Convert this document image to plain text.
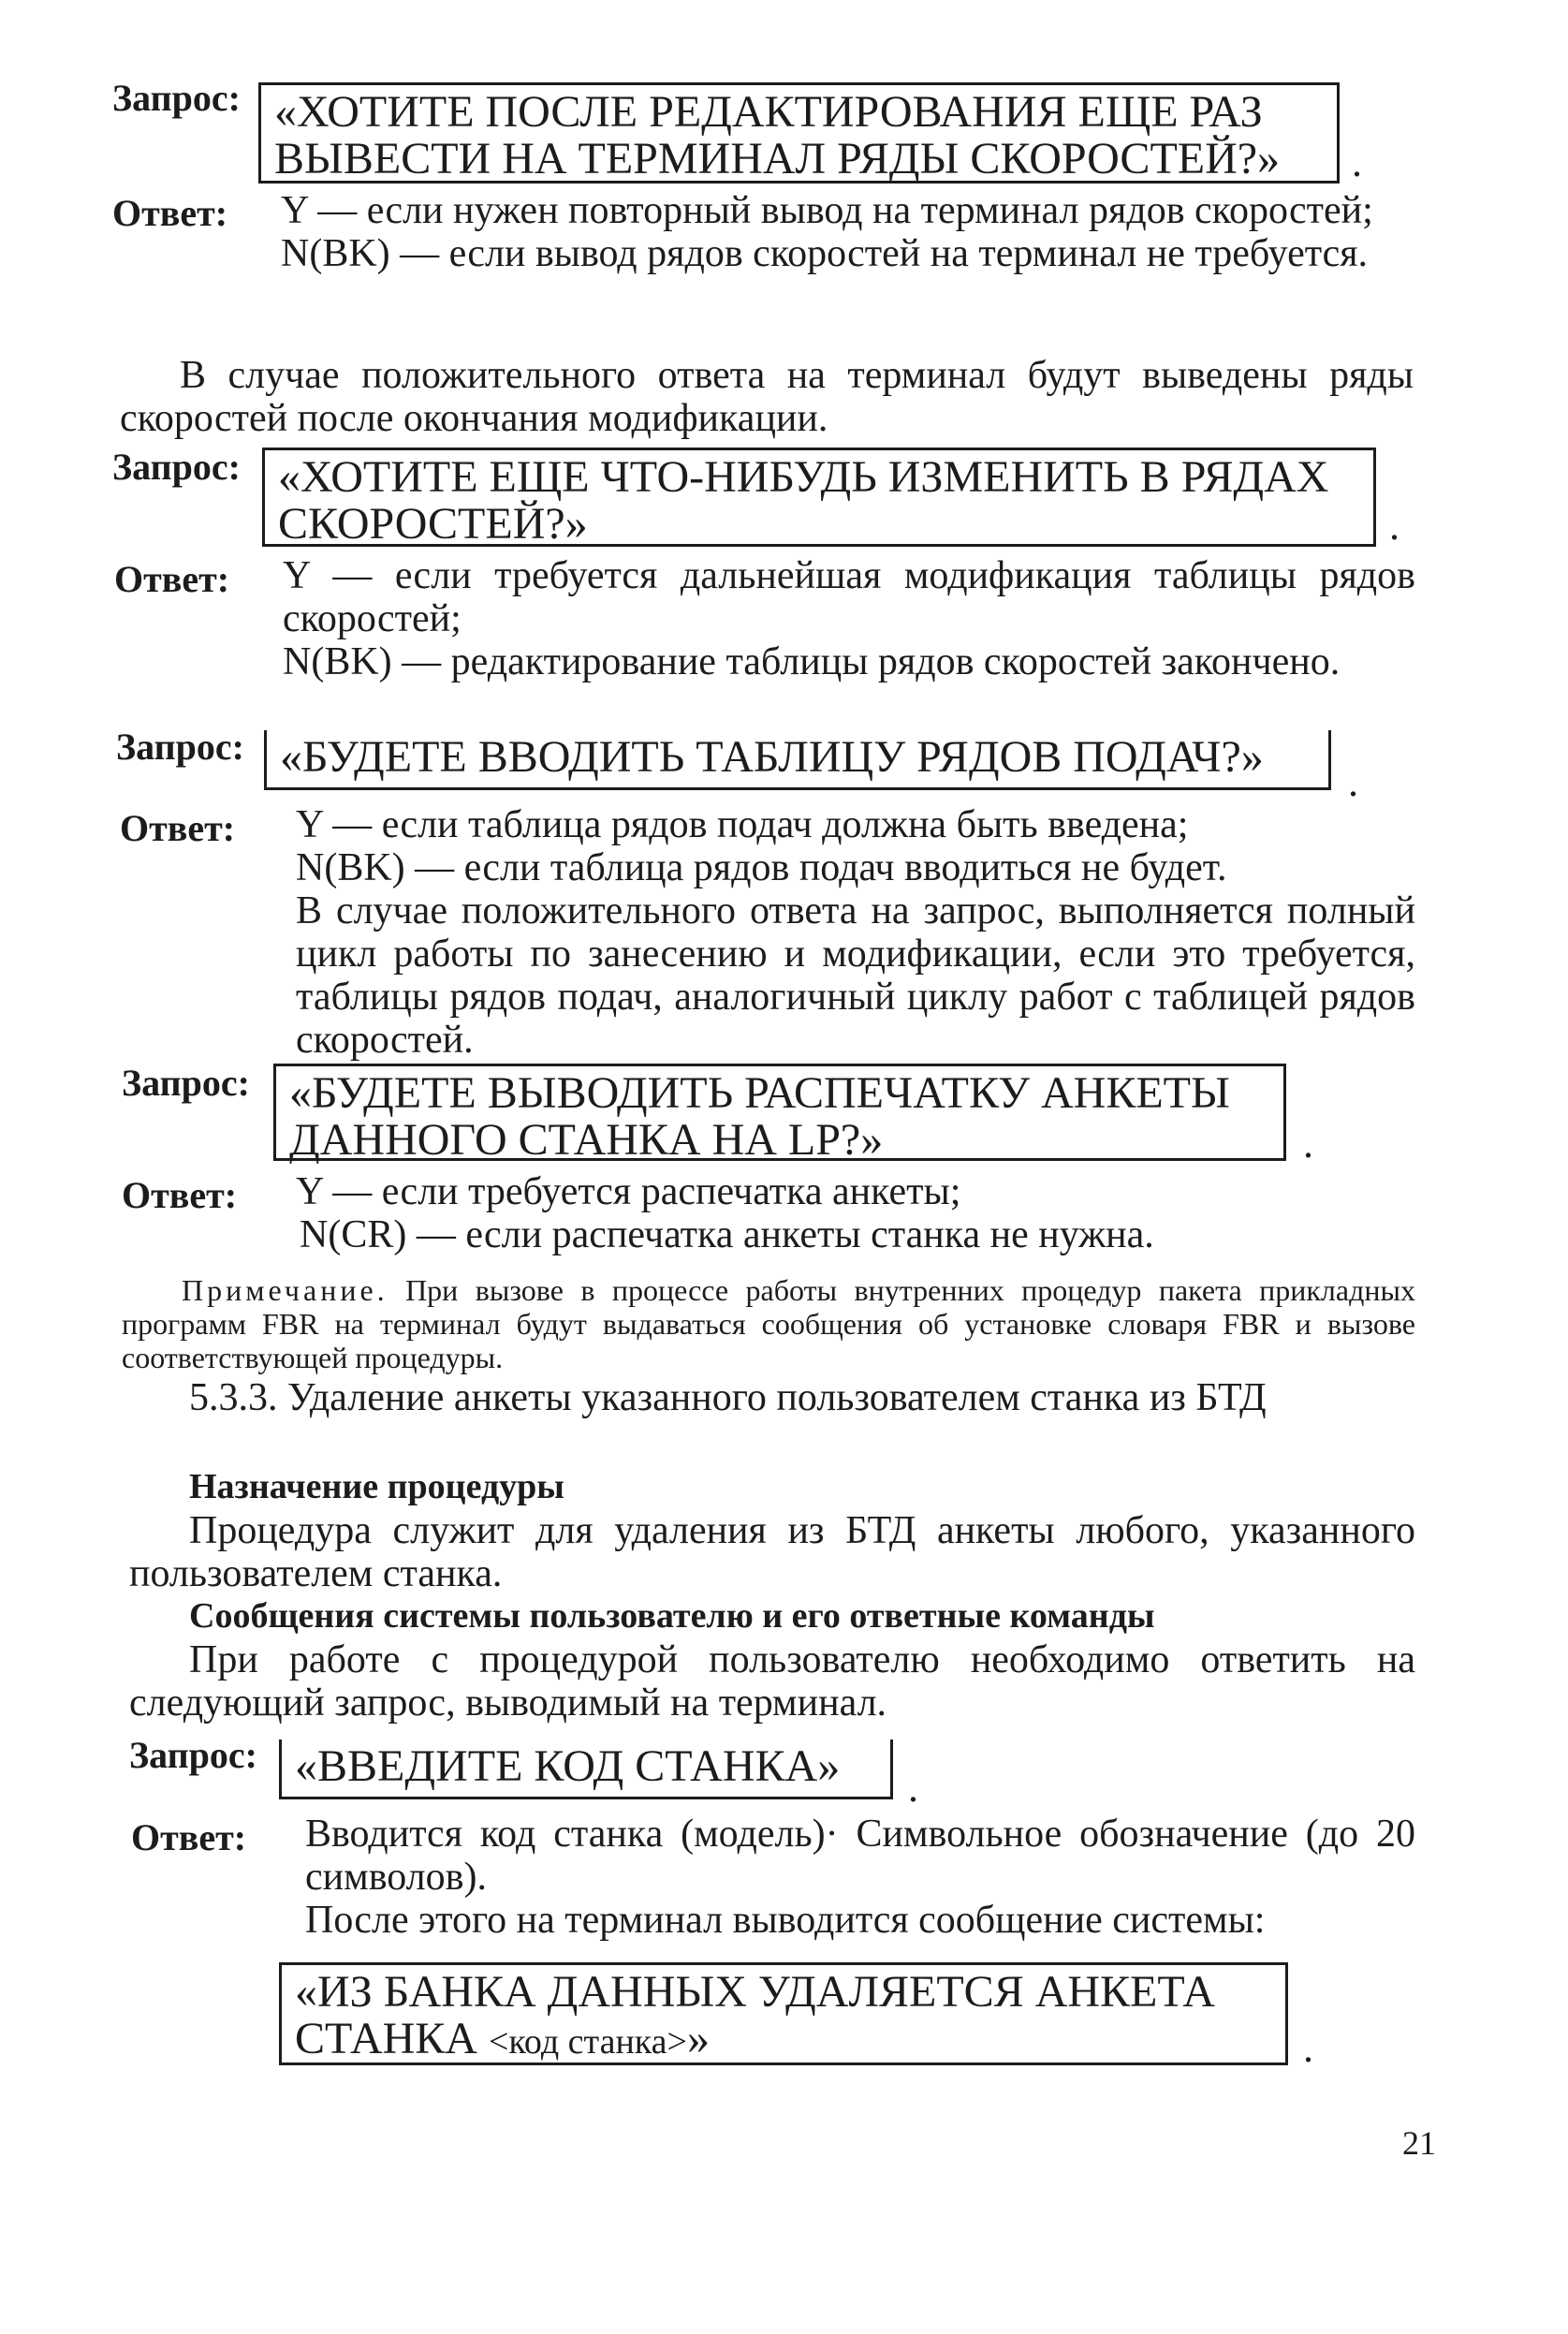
Запрос: «ХОТИТЕ ПОСЛЕ РЕДАКТИРОВАНИЯ ЕЩЕ РАЗ
ВЫВЕСТИ НА ТЕРМИНАЛ РЯДЫ СКОРОСТЕЙ?»	.
Ответ: Y — если нужен повторный вывод на терминал рядов скоростей;
N(BK) — если вывод рядов скоростей на терминал не требуется.
В случае положительного ответа на терминал будут выведены ряды скоростей после окончания модификации.
Запрос: «ХОТИТЕ ЕЩЕ ЧТО-НИБУДЬ ИЗМЕНИТЬ В РЯДАХ
СКОРОСТЕЙ?»	.
Ответ: Y — если требуется дальнейшая модификация таблицы рядов скоростей;
N(BK) — редактирование таблицы рядов скоростей закончено.
Запрос: «БУДЕТЕ ВВОДИТЬ ТАБЛИЦУ РЯДОВ ПОДАЧ?»
.
Ответ: Y — если таблица рядов подач должна быть введена;
N(BK) — если таблица рядов подач вводиться не будет.
В случае положительного ответа на запрос, выполняется полный цикл работы по занесению и модификации, если это требуется, таблицы рядов подач, аналогичный циклу работ с таблицей рядов скоростей.
Запрос: «БУДЕТЕ ВЫВОДИТЬ РАСПЕЧАТКУ АНКЕТЫ
ДАННОГО СТАНКА НА LP?»	.
Ответ: Y — если требуется распечатка анкеты;
N(CR) — если распечатка анкеты станка не нужна.
Примечание. При вызове в процессе работы внутренних процедур пакета прикладных программ FBR на терминал будут выдаваться сообщения об установке словаря FBR и вызове соответствующей процедуры.
5.3.3. Удаление анкеты указанного пользователем станка из БТД
Назначение процедуры
Процедура служит для удаления из БТД анкеты любого, указанного пользователем станка.
Сообщения системы пользователю и его ответные команды
При работе с процедурой пользователю необходимо ответить на следующий запрос, выводимый на терминал.
Запрос: «ВВЕДИТЕ КОД СТАНКА»	.
Ответ: Вводится код станка (модель)· Символьное обозначение (до 20 символов).
После этого на терминал выводится сообщение системы:
«ИЗ БАНКА ДАННЫХ УДАЛЯЕТСЯ АНКЕТА
СТАНКА <код станка>»	.
21
